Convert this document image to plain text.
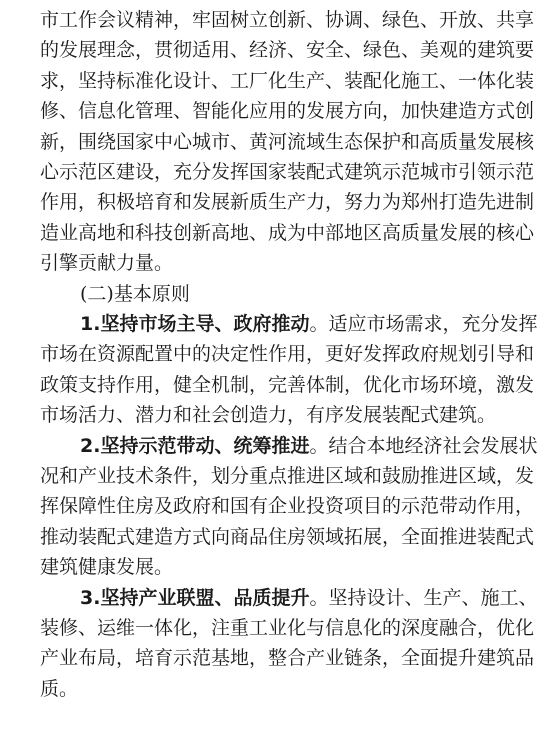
市工作会议精神，牢固树立创新、协调、绿色、开放、共享
的发展理念，贯彻适用、经济、安全、绿色、美观的建筑要
求，坚持标准化设计、工厂化生产、装配化施工、一体化装
修、信息化管理、智能化应用的发展方向，加快建造方式创
新，围绕国家中心城市、黄河流域生态保护和高质量发展核
心示范区建设，充分发挥国家装配式建筑示范城市引领示范
作用，积极培育和发展新质生产力，努力为郑州打造先进制
造业高地和科技创新高地、成为中部地区高质量发展的核心
引擎贡献力量。
(二)基本原则
1.坚持市场主导、政府推动。适应市场需求，充分发挥
市场在资源配置中的决定性作用，更好发挥政府规划引导和
政策支持作用，健全机制，完善体制，优化市场环境，激发
市场活力、潜力和社会创造力，有序发展装配式建筑。
2.坚持示范带动、统筹推进。结合本地经济社会发展状
况和产业技术条件，划分重点推进区域和鼓励推进区域，发
挥保障性住房及政府和国有企业投资项目的示范带动作用，
推动装配式建造方式向商品住房领域拓展，全面推进装配式
建筑健康发展。
3.坚持产业联盟、品质提升。坚持设计、生产、施工、
装修、运维一体化，注重工业化与信息化的深度融合，优化
产业布局，培育示范基地，整合产业链条，全面提升建筑品
质。
